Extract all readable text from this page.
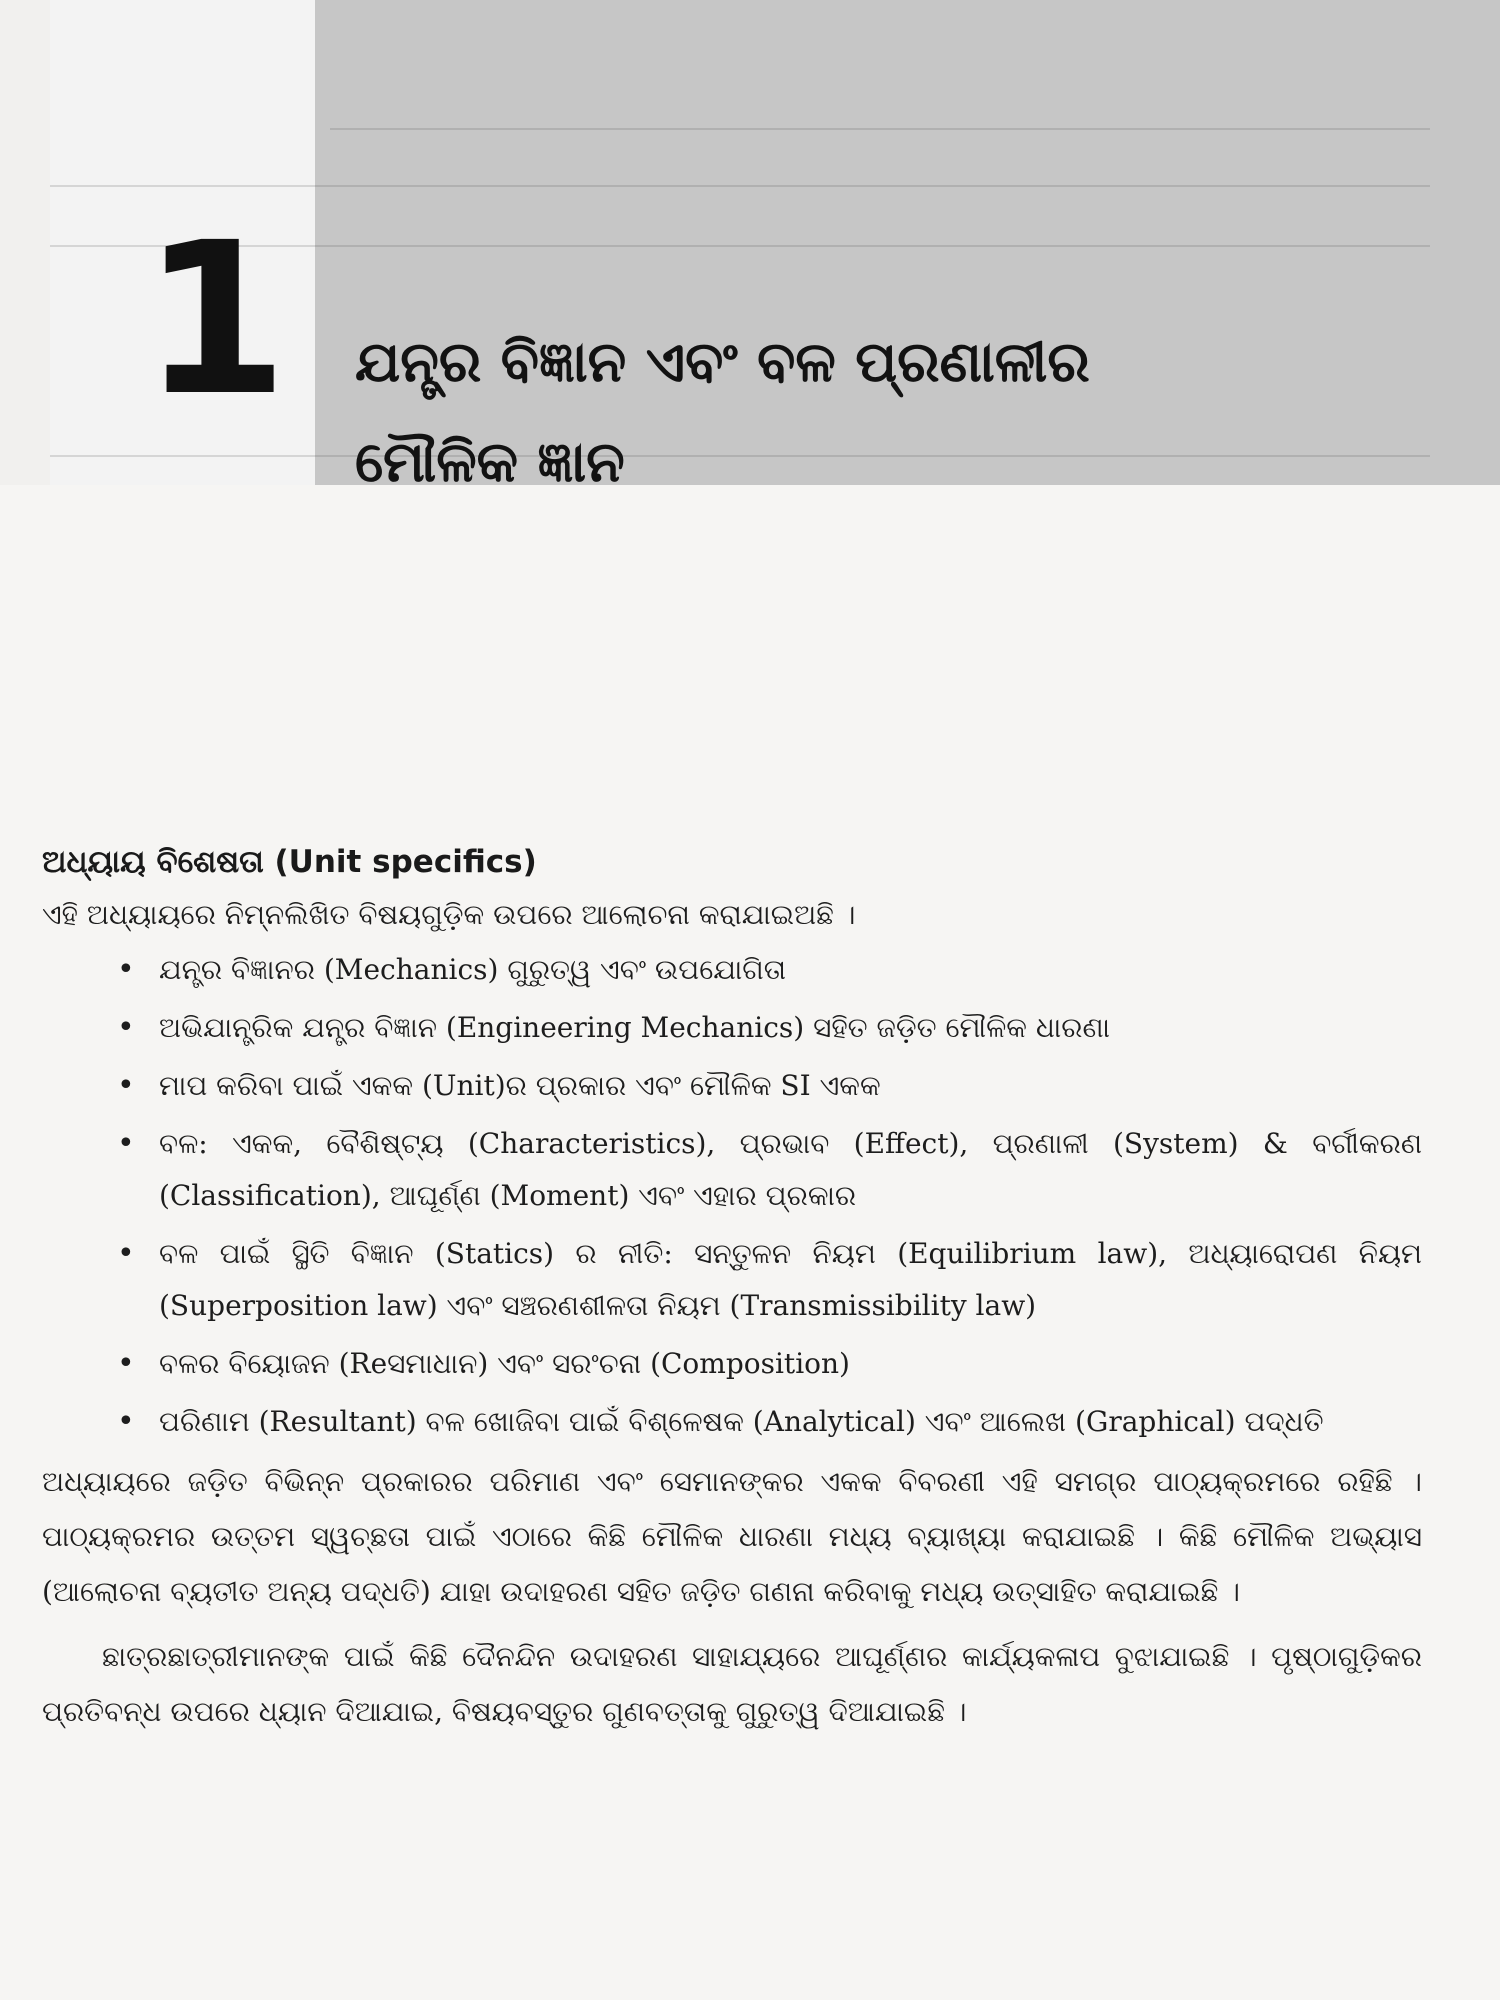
1	ଯନ୍ତ୍ର ବିଜ୍ଞାନ ଏବଂ ବଳ ପ୍ରଣାଳୀର
ମୌଳିକ ଜ୍ଞାନ
ଅଧ୍ୟାୟ ବିଶେଷତା (Unit specifics)

ଏହି ଅଧ୍ୟାୟରେ ନିମ୍ନଲିଖିତ ବିଷୟଗୁଡ଼ିକ ଉପରେ ଆଲୋଚନା କରାଯାଇଅଛି ।

• ଯନ୍ତ୍ର ବିଜ୍ଞାନର (Mechanics) ଗୁରୁତ୍ୱ ଏବଂ ଉପଯୋଗିତା
• ଅଭିଯାନ୍ତ୍ରିକ ଯନ୍ତ୍ର ବିଜ୍ଞାନ (Engineering Mechanics) ସହିତ ଜଡ଼ିତ ମୌଳିକ ଧାରଣା
• ମାପ କରିବା ପାଇଁ ଏକକ (Unit)ର ପ୍ରକାର ଏବଂ ମୌଳିକ SI ଏକକ
• ବଳ: ଏକକ, ବୈଶିଷ୍ଟ୍ୟ (Characteristics), ପ୍ରଭାବ (Effect), ପ୍ରଣାଳୀ (System) & ବର୍ଗୀକରଣ (Classification), ଆଘୂର୍ଣ୍ଣ (Moment) ଏବଂ ଏହାର ପ୍ରକାର
• ବଳ ପାଇଁ ସ୍ଥିତି ବିଜ୍ଞାନ (Statics) ର ନୀତି: ସନ୍ତୁଳନ ନିୟମ (Equilibrium law), ଅଧ୍ୟାରୋପଣ ନିୟମ (Superposition law) ଏବଂ ସଞ୍ଚରଣଶୀଳତା ନିୟମ (Transmissibility law)
• ବଳର ବିୟୋଜନ (Reସମାଧାନ) ଏବଂ ସରଂଚନା (Composition)
• ପରିଣାମ (Resultant) ବଳ ଖୋଜିବା ପାଇଁ ବିଶ୍ଳେଷକ (Analytical) ଏବଂ ଆଲେଖ (Graphical) ପଦ୍ଧତି

ଅଧ୍ୟାୟରେ ଜଡ଼ିତ ବିଭିନ୍ନ ପ୍ରକାରର ପରିମାଣ ଏବଂ ସେମାନଙ୍କର ଏକକ ବିବରଣୀ ଏହି ସମଗ୍ର ପାଠ୍ୟକ୍ରମରେ ରହିଛି । ପାଠ୍ୟକ୍ରମର ଉତ୍ତମ ସ୍ୱଚ୍ଛତା ପାଇଁ ଏଠାରେ କିଛି ମୌଳିକ ଧାରଣା ମଧ୍ୟ ବ୍ୟାଖ୍ୟା କରାଯାଇଛି । କିଛି ମୌଳିକ ଅଭ୍ୟାସ (ଆଲୋଚନା ବ୍ୟତୀତ ଅନ୍ୟ ପଦ୍ଧତି) ଯାହା ଉଦାହରଣ ସହିତ ଜଡ଼ିତ ଗଣନା କରିବାକୁ ମଧ୍ୟ ଉତ୍ସାହିତ କରାଯାଇଛି ।

ଛାତ୍ରଛାତ୍ରୀମାନଙ୍କ ପାଇଁ କିଛି ଦୈନନ୍ଦିନ ଉଦାହରଣ ସାହାଯ୍ୟରେ ଆଘୂର୍ଣ୍ଣର କାର୍ଯ୍ୟକଳାପ ବୁଝାଯାଇଛି । ପୃଷ୍ଠାଗୁଡ଼ିକର ପ୍ରତିବନ୍ଧ ଉପରେ ଧ୍ୟାନ ଦିଆଯାଇ, ବିଷୟବସ୍ତୁର ଗୁଣବତ୍ତାକୁ ଗୁରୁତ୍ୱ ଦିଆଯାଇଛି ।
